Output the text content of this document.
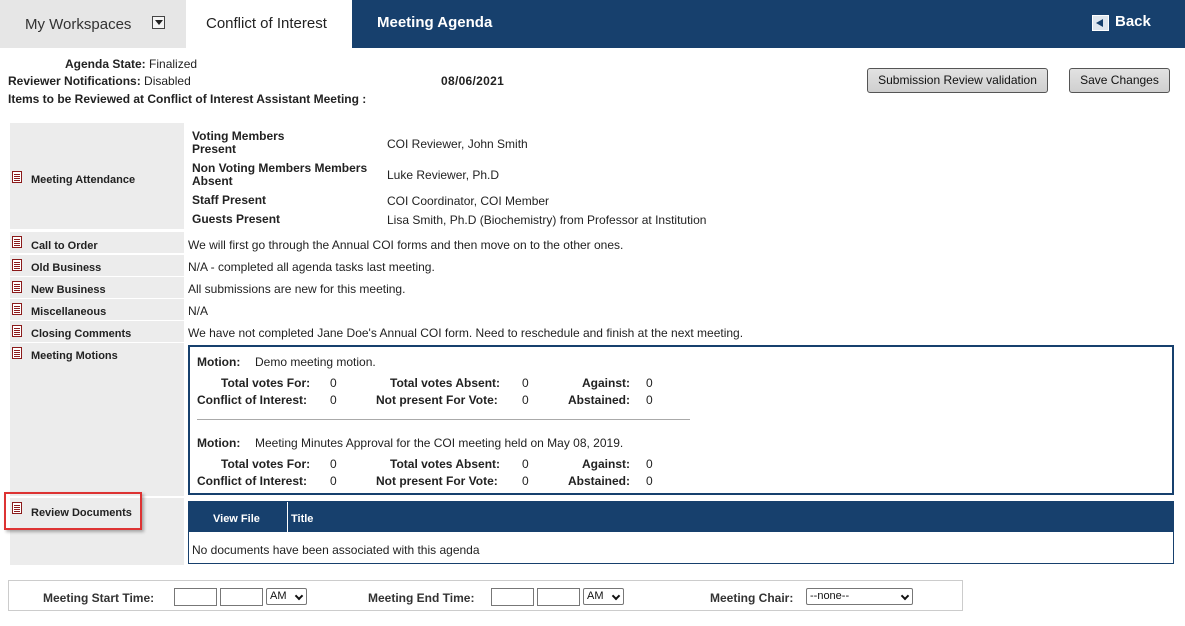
My Workspaces	Conflict of Interest	Meeting Agenda	Back
Agenda State: Finalized
Reviewer Notifications: Disabled
Items to be Reviewed at Conflict of Interest Assistant Meeting :
08/06/2021	Submission Review validation	Save Changes
Meeting Attendance
Voting Members Present	COI Reviewer, John Smith
Non Voting Members Members Absent	Luke Reviewer, Ph.D
Staff Present	COI Coordinator, COI Member
Guests Present	Lisa Smith, Ph.D (Biochemistry) from Professor at Institution
Call to Order	We will first go through the Annual COI forms and then move on to the other ones.
Old Business	N/A - completed all agenda tasks last meeting.
New Business	All submissions are new for this meeting.
Miscellaneous	N/A
Closing Comments	We have not completed Jane Doe's Annual COI form. Need to reschedule and finish at the next meeting.
Meeting Motions	Motion: Demo meeting motion.
Total votes For: 0	Total votes Absent: 0	Against: 0
Conflict of Interest: 0	Not present For Vote: 0	Abstained: 0
Motion: Meeting Minutes Approval for the COI meeting held on May 08, 2019.
Total votes For: 0	Total votes Absent: 0	Against: 0
Conflict of Interest: 0	Not present For Vote: 0	Abstained: 0
Review Documents	View File	Title
No documents have been associated with this agenda
Meeting Start Time:	AM	Meeting End Time:	AM	Meeting Chair:	--none--
